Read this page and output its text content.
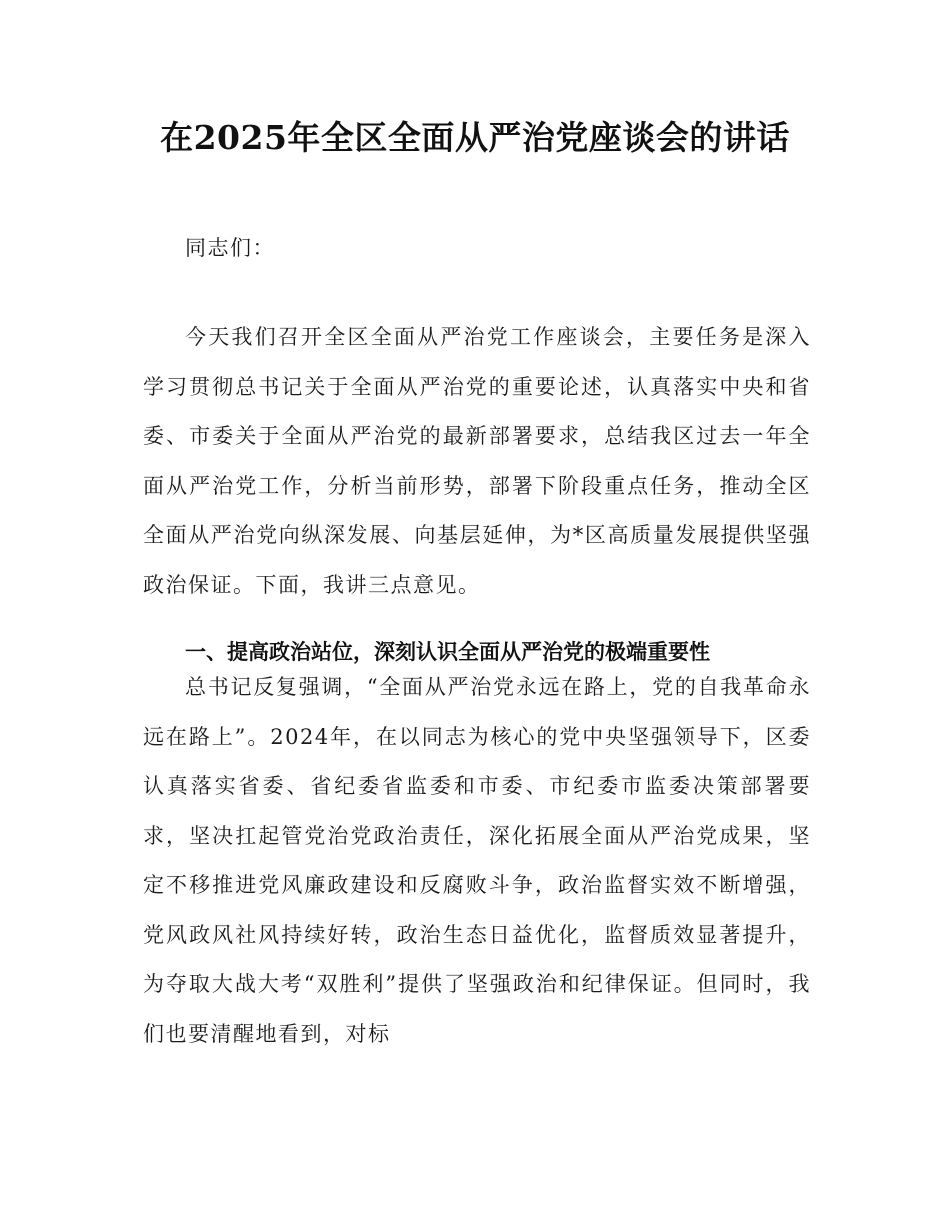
在2025年全区全面从严治党座谈会的讲话
同志们：

今天我们召开全区全面从严治党工作座谈会，主要任务是深入学习贯彻总书记关于全面从严治党的重要论述，认真落实中央和省委、市委关于全面从严治党的最新部署要求，总结我区过去一年全面从严治党工作，分析当前形势，部署下阶段重点任务，推动全区全面从严治党向纵深发展、向基层延伸，为*区高质量发展提供坚强政治保证。下面，我讲三点意见。

一、提高政治站位，深刻认识全面从严治党的极端重要性

总书记反复强调，“全面从严治党永远在路上，党的自我革命永远在路上”。2024年，在以同志为核心的党中央坚强领导下，区委认真落实省委、省纪委省监委和市委、市纪委市监委决策部署要求，坚决扛起管党治党政治责任，深化拓展全面从严治党成果，坚定不移推进党风廉政建设和反腐败斗争，政治监督实效不断增强，党风政风社风持续好转，政治生态日益优化，监督质效显著提升，为夺取大战大考“双胜利”提供了坚强政治和纪律保证。但同时，我们也要清醒地看到，对标
